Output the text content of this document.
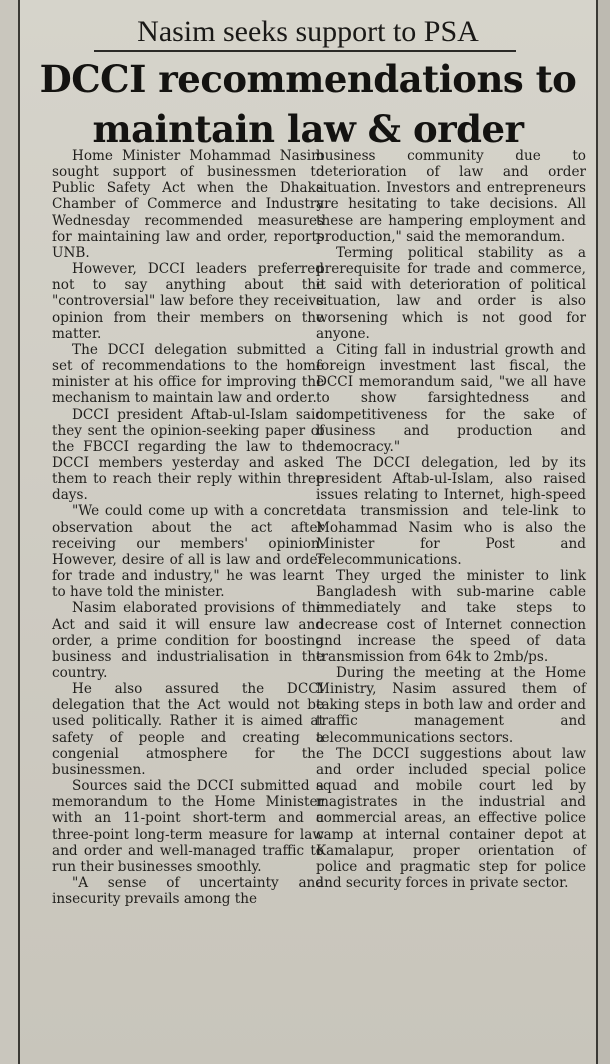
Nasim seeks support to PSA
DCCI recommendations to maintain law & order

Home Minister Mohammad Nasim sought support of businessmen to Public Safety Act when the Dhaka Chamber of Commerce and Industry Wednesday recommended measures for maintaining law and order, reports UNB.

However, DCCI leaders preferred not to say anything about the "controversial" law before they receive opinion from their members on the matter.

The DCCI delegation submitted a set of recommendations to the home minister at his office for improving the mechanism to maintain law and order.

DCCI president Aftab-ul-Islam said they sent the opinion-seeking paper of the FBCCI regarding the law to the DCCI members yesterday and asked them to reach their reply within three days.

"We could come up with a concrete observation about the act after receiving our members' opinion. However, desire of all is law and order for trade and industry," he was learnt to have told the minister.

Nasim elaborated provisions of the Act and said it will ensure law and order, a prime condition for boosting business and industrialisation in the country.

He also assured the DCCI delegation that the Act would not be used politically. Rather it is aimed at safety of people and creating a congenial atmosphere for the businessmen.

Sources said the DCCI submitted a memorandum to the Home Minister with an 11-point short-term and a three-point long-term measure for law and order and well-managed traffic to run their businesses smoothly.

"A sense of uncertainty and insecurity prevails among the

business community due to deterioration of law and order situation. Investors and entrepreneurs are hesitating to take decisions. All these are hampering employment and production," said the memorandum.

Terming political stability as a prerequisite for trade and commerce, it said with deterioration of political situation, law and order is also worsening which is not good for anyone.

Citing fall in industrial growth and foreign investment last fiscal, the DCCI memorandum said, "we all have to show farsightedness and competitiveness for the sake of business and production and democracy."

The DCCI delegation, led by its president Aftab-ul-Islam, also raised issues relating to Internet, high-speed data transmission and tele-link to Mohammad Nasim who is also the Minister for Post and Telecommunications.

They urged the minister to link Bangladesh with sub-marine cable immediately and take steps to decrease cost of Internet connection and increase the speed of data transmission from 64k to 2mb/ps.

During the meeting at the Home Ministry, Nasim assured them of taking steps in both law and order and traffic management and telecommunications sectors.

The DCCI suggestions about law and order included special police squad and mobile court led by magistrates in the industrial and commercial areas, an effective police camp at internal container depot at Kamalapur, proper orientation of police and pragmatic step for police and security forces in private sector.
